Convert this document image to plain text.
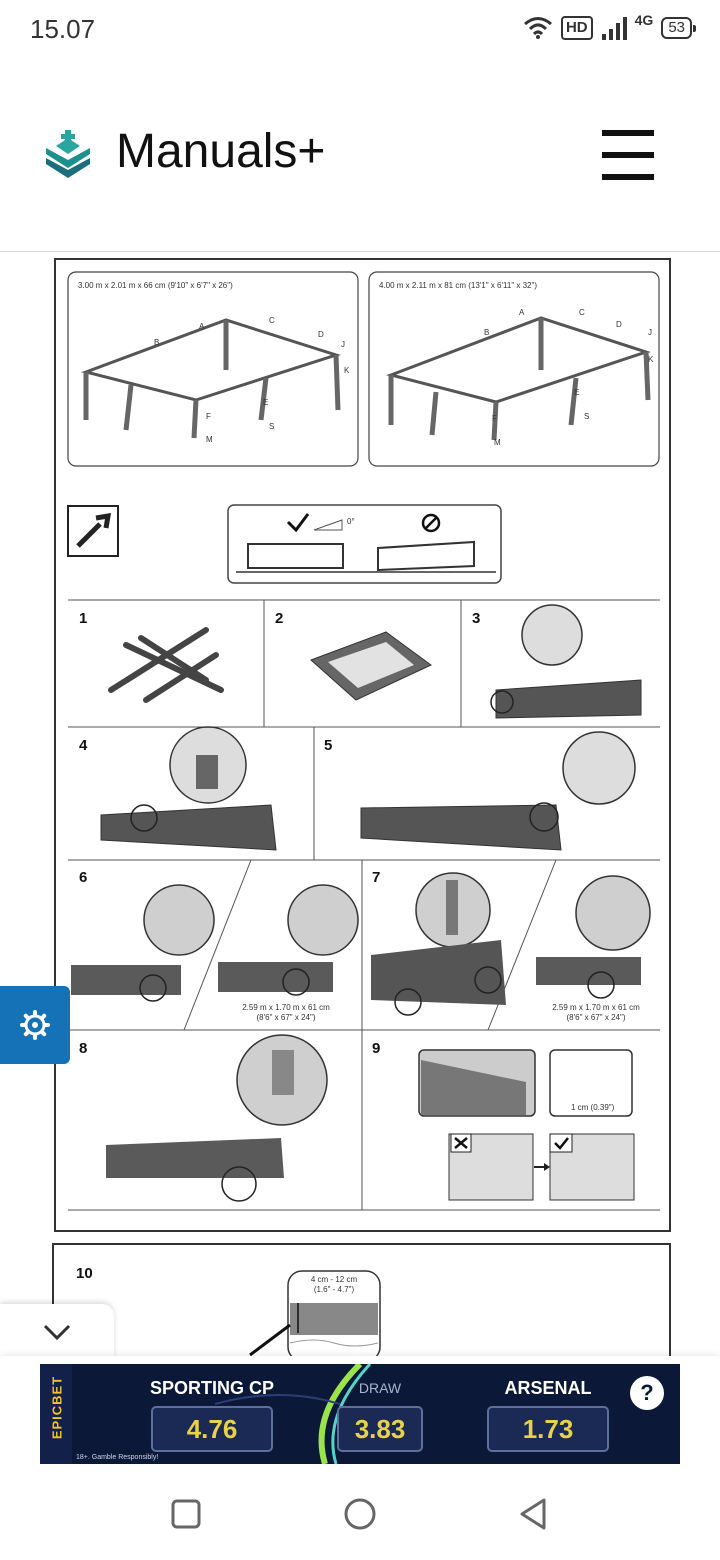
15.07	HD	4G	53
Manuals+
3.00 m x 2.01 m x 66 cm (9'10" x 6'7" x 26")	4.00 m x 2.11 m x 81 cm (13'1" x 6'11" x 32")
A
B
C
D
E
F
J
K
M
S
A
B
C
D
E
F
J
K
M
S
0°
1	2	3
4	5
6	7
8	9
2.59 m x 1.70 m x 61 cm
(8'6" x 67" x 24")
2.59 m x 1.70 m x 61 cm
(8'6" x 67" x 24")
1 cm (0.39")
10	4 cm - 12 cm
(1.6" - 4.7")
EPICBET	SPORTING CP	DRAW	ARSENAL
4.76	3.83	1.73
?
18+. Gamble Responsibly!
